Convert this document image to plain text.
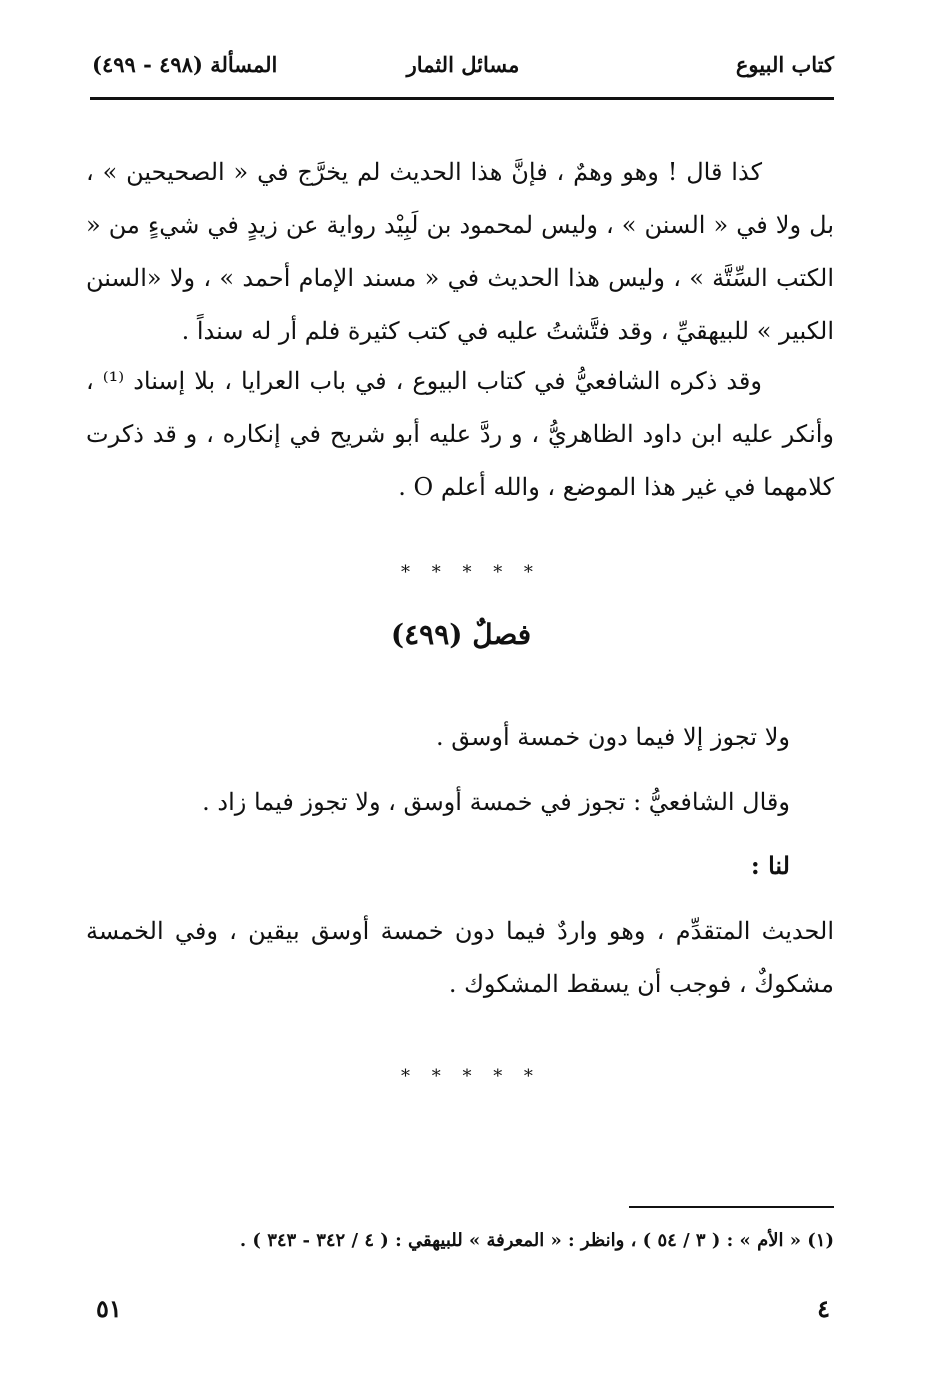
كتاب البيوع
مسائل الثمار
المسألة (٤٩٨ - ٤٩٩)

كذا قال ! وهو وهمٌ ، فإنَّ هذا الحديث لم يخرَّج في « الصحيحين » ، بل ولا في « السنن » ، وليس لمحمود بن لَبِيْد رواية عن زيدٍ في شيءٍ من « الكتب السِّتَّة » ، وليس هذا الحديث في « مسند الإمام أحمد » ، ولا «السنن الكبير » للبيهقيِّ ، وقد فتَّشتُ عليه في كتب كثيرة فلم أر له سنداً .

وقد ذكره الشافعيُّ في كتاب البيوع ، في باب العرايا ، بلا إسناد ⁽¹⁾ ، وأنكر عليه ابن داود الظاهريُّ ، و ردَّ عليه أبو شريح في إنكاره ، و قد ذكرت كلامهما في غير هذا الموضع ، والله أعلم O .

* * * * *
فصلٌ (٤٩٩)

ولا تجوز إلا فيما دون خمسة أوسق .

وقال الشافعيُّ : تجوز في خمسة أوسق ، ولا تجوز فيما زاد .

لنا :

الحديث المتقدِّم ، وهو واردٌ فيما دون خمسة أوسق بيقين ، وفي الخمسة مشكوكٌ ، فوجب أن يسقط المشكوك .

* * * * *

(١) « الأم » : ( ٣ / ٥٤ ) ، وانظر : « المعرفة » للبيهقي : ( ٤ / ٣٤٢ - ٣٤٣ ) .

٤
٥١
